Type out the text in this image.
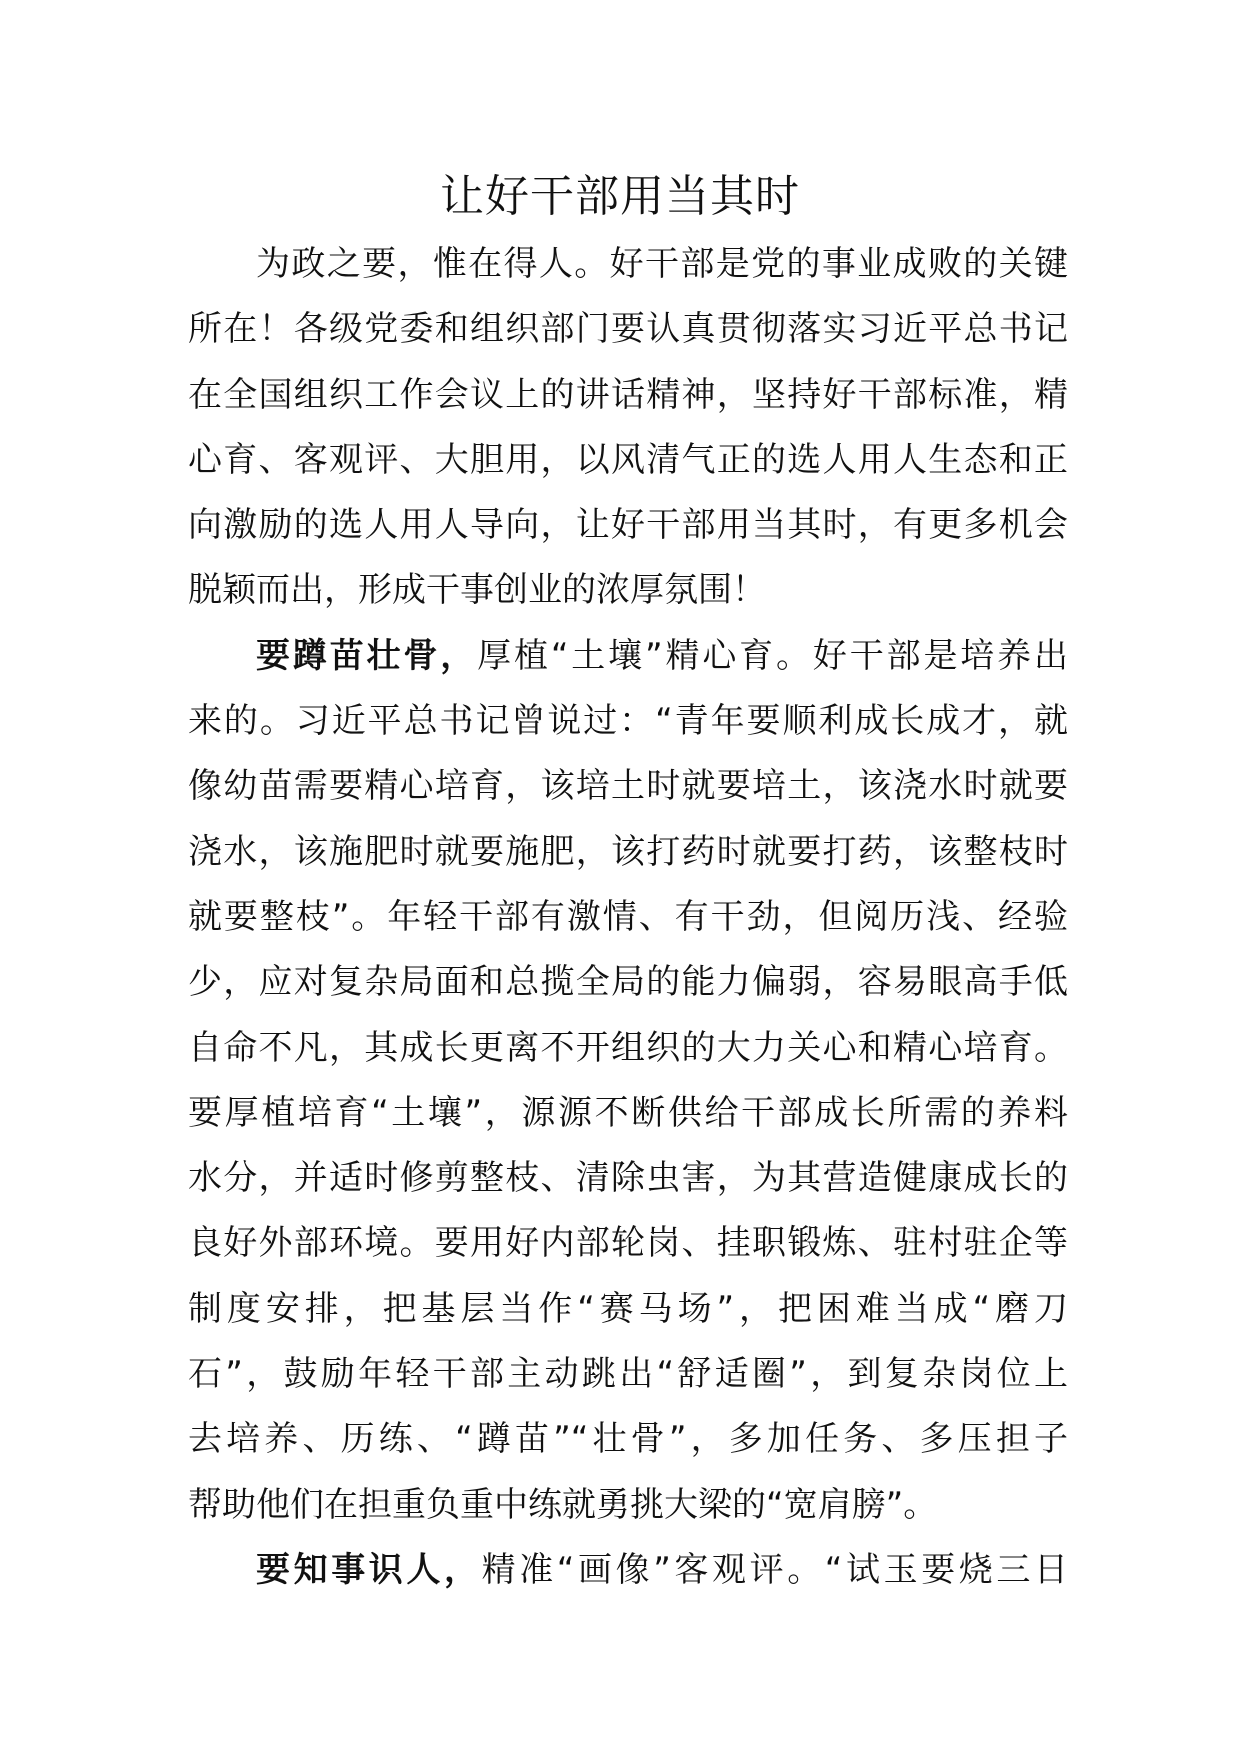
让好干部用当其时
为政之要，惟在得人。好干部是党的事业成败的关键
所在！各级党委和组织部门要认真贯彻落实习近平总书记
在全国组织工作会议上的讲话精神，坚持好干部标准，精
心育、客观评、大胆用，以风清气正的选人用人生态和正
向激励的选人用人导向，让好干部用当其时，有更多机会
脱颖而出，形成干事创业的浓厚氛围！
要蹲苗壮骨，厚植“土壤”精心育。好干部是培养出
来的。习近平总书记曾说过：“青年要顺利成长成才，就
像幼苗需要精心培育，该培土时就要培土，该浇水时就要
浇水，该施肥时就要施肥，该打药时就要打药，该整枝时
就要整枝”。年轻干部有激情、有干劲，但阅历浅、经验
少，应对复杂局面和总揽全局的能力偏弱，容易眼高手低
自命不凡，其成长更离不开组织的大力关心和精心培育。
要厚植培育“土壤”，源源不断供给干部成长所需的养料
水分，并适时修剪整枝、清除虫害，为其营造健康成长的
良好外部环境。要用好内部轮岗、挂职锻炼、驻村驻企等
制度安排，把基层当作“赛马场”，把困难当成“磨刀
石”，鼓励年轻干部主动跳出“舒适圈”，到复杂岗位上
去培养、历练、“蹲苗”“壮骨”，多加任务、多压担子
帮助他们在担重负重中练就勇挑大梁的“宽肩膀”。
要知事识人，精准“画像”客观评。“试玉要烧三日
